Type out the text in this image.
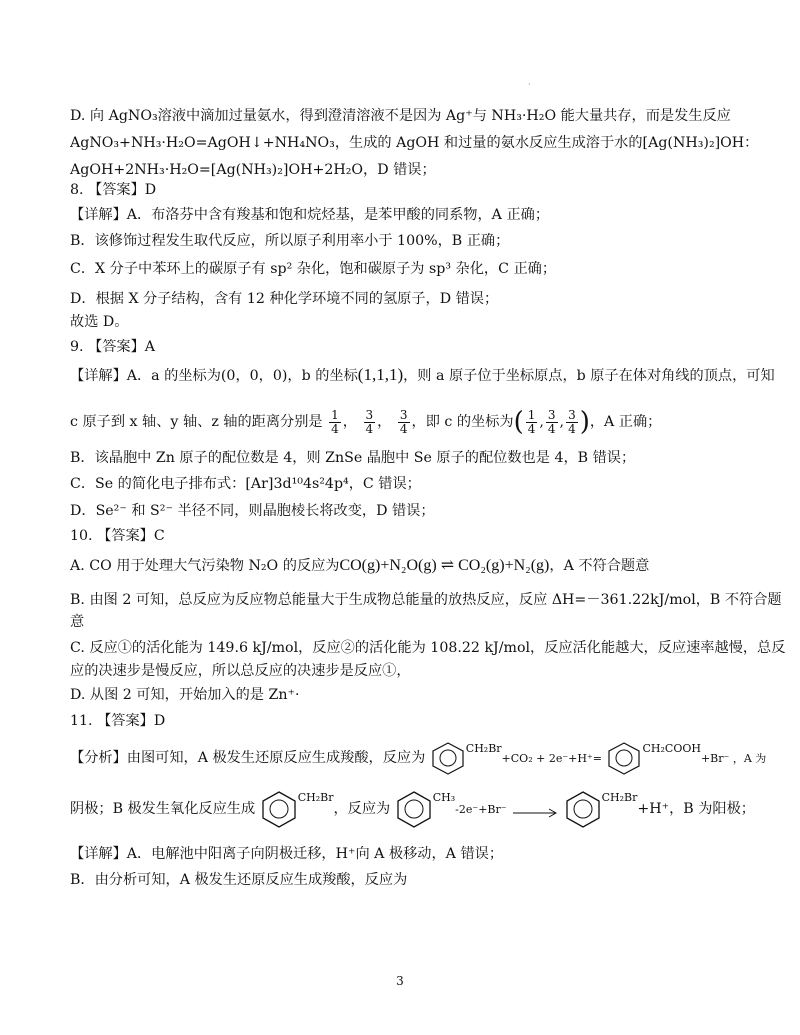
·
D. 向 AgNO₃溶液中滴加过量氨水，得到澄清溶液不是因为 Ag⁺与 NH₃·H₂O 能大量共存，而是发生反应
AgNO₃+NH₃·H₂O=AgOH↓+NH₄NO₃，生成的 AgOH 和过量的氨水反应生成溶于水的[Ag(NH₃)₂]OH：
AgOH+2NH₃·H₂O=[Ag(NH₃)₂]OH+2H₂O，D 错误；
8. 【答案】D
【详解】A．布洛芬中含有羧基和饱和烷烃基，是苯甲酸的同系物，A 正确；
B．该修饰过程发生取代反应，所以原子利用率小于 100%，B 正确；
C．X 分子中苯环上的碳原子有 sp² 杂化，饱和碳原子为 sp³ 杂化，C 正确；
D．根据 X 分子结构，含有 12 种化学环境不同的氢原子，D 错误；
故选 D。
9. 【答案】A
【详解】A．a 的坐标为(0，0，0)，b 的坐标(1,1,1)，则 a 原子位于坐标原点，b 原子在体对角线的顶点，可知
c 原子到 x 轴、y 轴、z 轴的距离分别是 $\frac{1}{4}$ ， $\frac{3}{4}$ ， $\frac{3}{4}$ ，即 c 的坐标为( $\frac{1}{4}$ , $\frac{3}{4}$ , $\frac{3}{4}$ )，A 正确；
B．该晶胞中 Zn 原子的配位数是 4，则 ZnSe 晶胞中 Se 原子的配位数也是 4，B 错误；
C．Se 的简化电子排布式：[Ar]3d¹⁰4s²4p⁴，C 错误；
D．Se²⁻ 和 S²⁻ 半径不同，则晶胞棱长将改变，D 错误；
10. 【答案】C
A. CO 用于处理大气污染物 N₂O 的反应为CO(g)+N₂O(g) ⇌ CO₂(g)+N₂(g)，A 不符合题意
B. 由图 2 可知，总反应为反应物总能量大于生成物总能量的放热反应，反应 ΔH=－361.22kJ/mol，B 不符合题
意
C. 反应①的活化能为 149.6 kJ/mol，反应②的活化能为 108.22 kJ/mol，反应活化能越大，反应速率越慢，总反
应的决速步是慢反应，所以总反应的决速步是反应①，
D. 从图 2 可知，开始加入的是 Zn⁺·
11. 【答案】D
【分析】由图可知，A 极发生还原反应生成羧酸，反应为 $^{CH_2Br}$+CO₂ + 2e⁻+H⁺= $^{CH_2COOH}$+Br⁻ ，A 为
阴极；B 极发生氧化反应生成 $^{CH_2Br}$，反应为 $^{CH_3}$-2e⁻+Br⁻ → $^{CH_2Br}$+H⁺，B 为阳极；
【详解】A．电解池中阳离子向阴极迁移，H⁺向 A 极移动，A 错误；
B．由分析可知，A 极发生还原反应生成羧酸，反应为
3
